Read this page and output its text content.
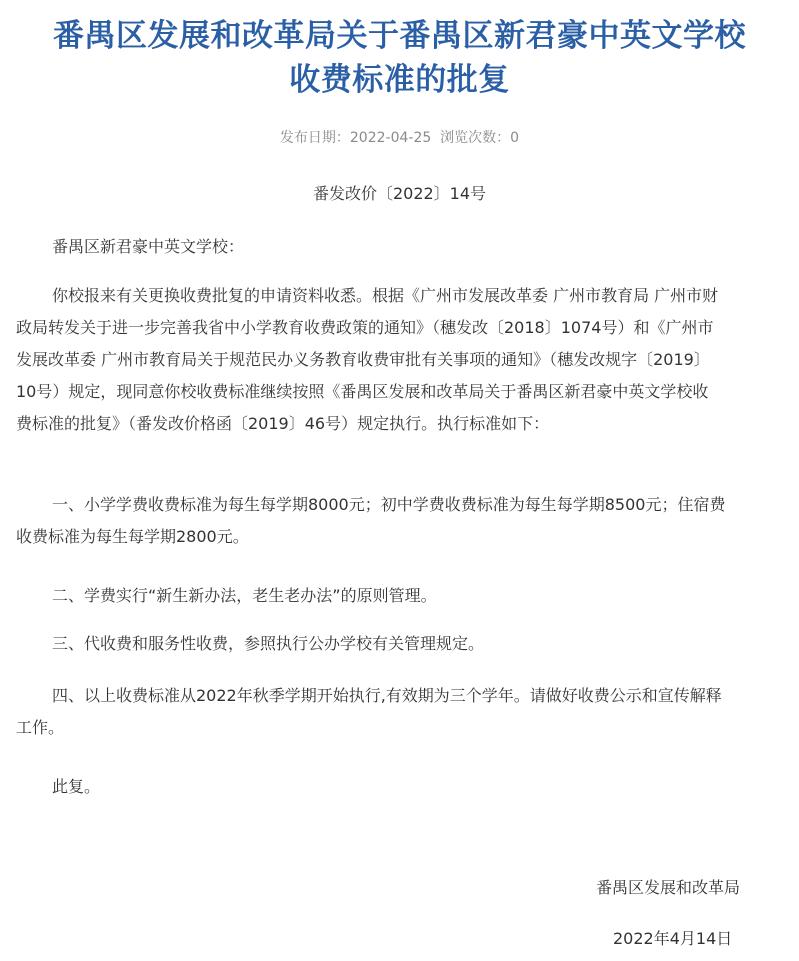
番禺区发展和改革局关于番禺区新君豪中英文学校
收费标准的批复
发布日期：2022-04-25 浏览次数：0
番发改价〔2022〕14号
番禺区新君豪中英文学校：
你校报来有关更换收费批复的申请资料收悉。根据《广州市发展改革委 广州市教育局 广州市财
政局转发关于进一步完善我省中小学教育收费政策的通知》（穗发改〔2018〕1074号）和《广州市
发展改革委 广州市教育局关于规范民办义务教育收费审批有关事项的通知》（穗发改规字〔2019〕
10号）规定，现同意你校收费标准继续按照《番禺区发展和改革局关于番禺区新君豪中英文学校收
费标准的批复》（番发改价格函〔2019〕46号）规定执行。执行标准如下：
一、小学学费收费标准为每生每学期8000元；初中学费收费标准为每生每学期8500元；住宿费
收费标准为每生每学期2800元。
二、学费实行“新生新办法，老生老办法”的原则管理。
三、代收费和服务性收费，参照执行公办学校有关管理规定。
四、以上收费标准从2022年秋季学期开始执行,有效期为三个学年。请做好收费公示和宣传解释
工作。
此复。
番禺区发展和改革局
2022年4月14日
